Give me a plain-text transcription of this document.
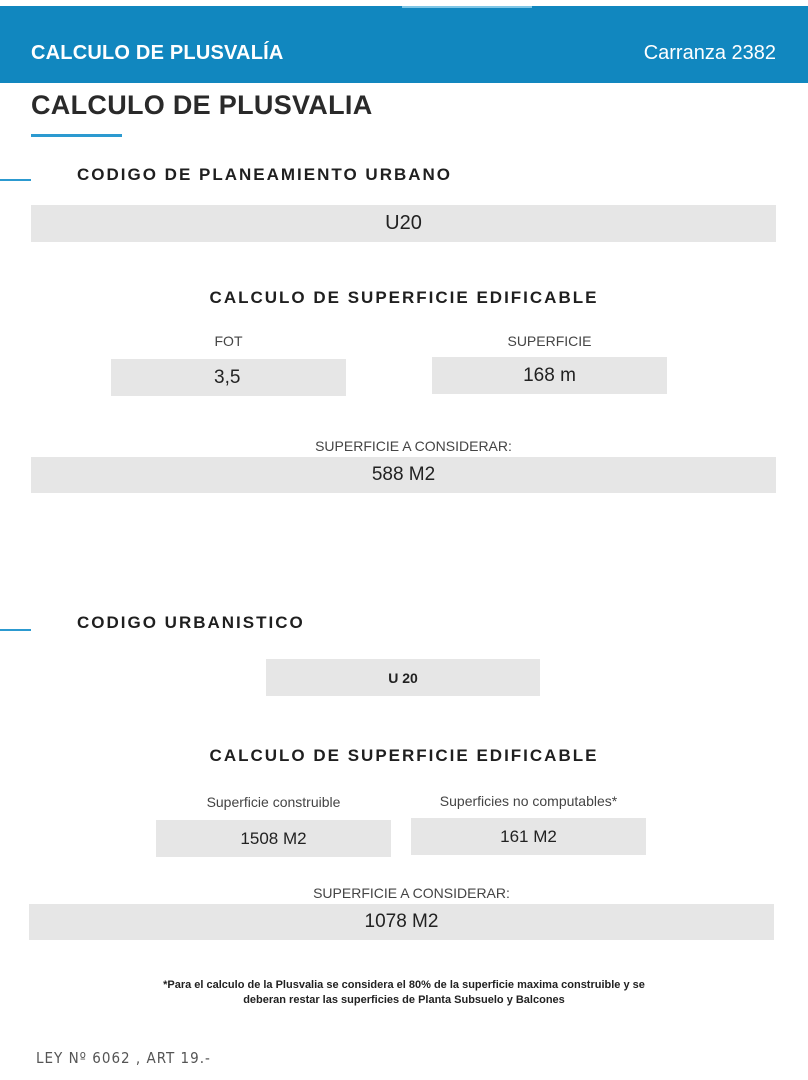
CALCULO DE PLUSVALÍA	Carranza 2382
CALCULO DE PLUSVALIA
CODIGO DE PLANEAMIENTO URBANO
U20
CALCULO DE SUPERFICIE EDIFICABLE
FOT
3,5
SUPERFICIE
168 m
SUPERFICIE A CONSIDERAR:
588 M2
CODIGO URBANISTICO
U 20
CALCULO DE SUPERFICIE EDIFICABLE
Superficie construible
1508 M2
Superficies no computables*
161 M2
SUPERFICIE A CONSIDERAR:
1078 M2
*Para el calculo de la Plusvalia se considera el 80% de la superficie maxima construible y se
deberan restar las superficies de Planta Subsuelo y Balcones
LEY Nº 6062 , ART 19.-
